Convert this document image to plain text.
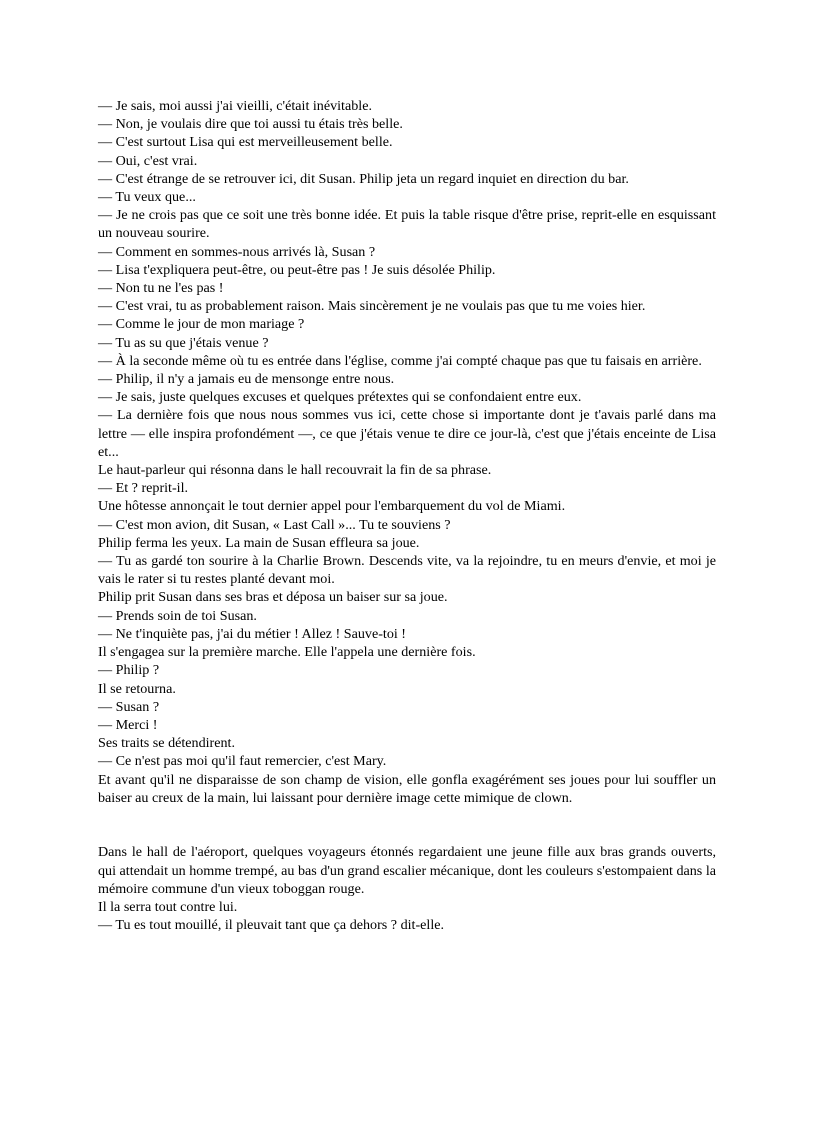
— Je sais, moi aussi j'ai vieilli, c'était inévitable.

— Non, je voulais dire que toi aussi tu étais très belle.

— C'est surtout Lisa qui est merveilleusement belle.

— Oui, c'est vrai.

— C'est étrange de se retrouver ici, dit Susan. Philip jeta un regard inquiet en direction du bar.

— Tu veux que...

— Je ne crois pas que ce soit une très bonne idée. Et puis la table risque d'être prise, reprit-elle en esquissant un nouveau sourire.

— Comment en sommes-nous arrivés là, Susan ?

— Lisa t'expliquera peut-être, ou peut-être pas ! Je suis désolée Philip.

— Non tu ne l'es pas !

— C'est vrai, tu as probablement raison. Mais sincèrement je ne voulais pas que tu me voies hier.

— Comme le jour de mon mariage ?

— Tu as su que j'étais venue ?

— À la seconde même où tu es entrée dans l'église, comme j'ai compté chaque pas que tu faisais en arrière.

— Philip, il n'y a jamais eu de mensonge entre nous.

— Je sais, juste quelques excuses et quelques prétextes qui se confondaient entre eux.

— La dernière fois que nous nous sommes vus ici, cette chose si importante dont je t'avais parlé dans ma lettre — elle inspira profondément —, ce que j'étais venue te dire ce jour-là, c'est que j'étais enceinte de Lisa et...

Le haut-parleur qui résonna dans le hall recouvrait la fin de sa phrase.

— Et ? reprit-il.

Une hôtesse annonçait le tout dernier appel pour l'embarquement du vol de Miami.

— C'est mon avion, dit Susan, « Last Call »... Tu te souviens ?

Philip ferma les yeux. La main de Susan effleura sa joue.

— Tu as gardé ton sourire à la Charlie Brown. Descends vite, va la rejoindre, tu en meurs d'envie, et moi je vais le rater si tu restes planté devant moi.

Philip prit Susan dans ses bras et déposa un baiser sur sa joue.

— Prends soin de toi Susan.

— Ne t'inquiète pas, j'ai du métier ! Allez ! Sauve-toi !

Il s'engagea sur la première marche. Elle l'appela une dernière fois.

— Philip ?

Il se retourna.

— Susan ?

— Merci !

Ses traits se détendirent.

— Ce n'est pas moi qu'il faut remercier, c'est Mary.

Et avant qu'il ne disparaisse de son champ de vision, elle gonfla exagérément ses joues pour lui souffler un baiser au creux de la main, lui laissant pour dernière image cette mimique de clown.

Dans le hall de l'aéroport, quelques voyageurs étonnés regardaient une jeune fille aux bras grands ouverts, qui attendait un homme trempé, au bas d'un grand escalier mécanique, dont les couleurs s'estompaient dans la mémoire commune d'un vieux toboggan rouge.

Il la serra tout contre lui.

— Tu es tout mouillé, il pleuvait tant que ça dehors ? dit-elle.
